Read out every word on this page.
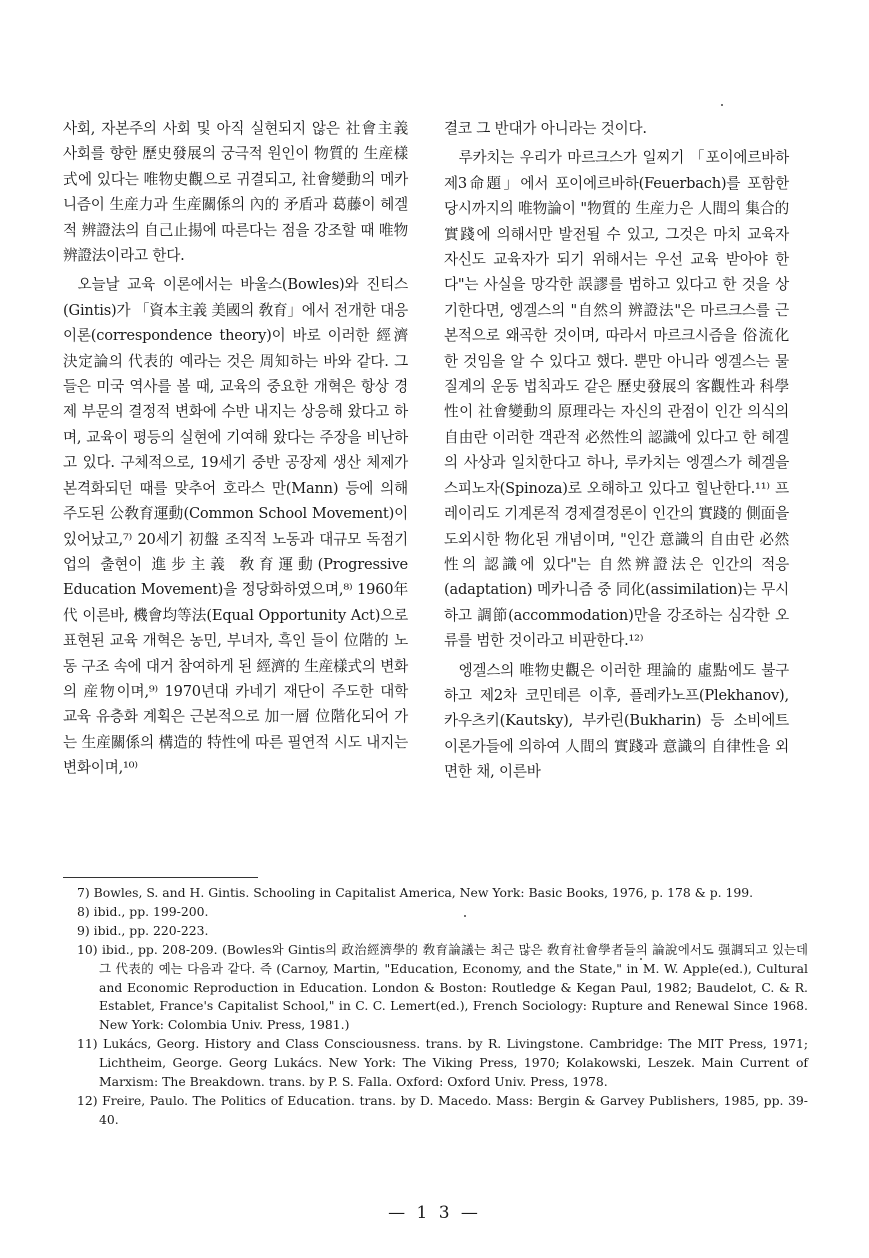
사회, 자본주의 사회 및 아직 실현되지 않은 社會主義 사회를 향한 歷史發展의 궁극적 원인이 物質的 生産樣式에 있다는 唯物史觀으로 귀결되고, 社會變動의 메카니즘이 生産力과 生産關係의 內的 矛盾과 葛藤이 헤겔적 辨證法의 自己止揚에 따른다는 점을 강조할 때 唯物辨證法이라고 한다.

오늘날 교육 이론에서는 바울스(Bowles)와 진티스(Gintis)가 「資本主義 美國의 敎育」에서 전개한 대응이론(correspondence theory)이 바로 이러한 經濟決定論의 代表的 예라는 것은 周知하는 바와 같다. 그들은 미국 역사를 볼 때, 교육의 중요한 개혁은 항상 경제 부문의 결정적 변화에 수반 내지는 상응해 왔다고 하며, 교육이 평등의 실현에 기여해 왔다는 주장을 비난하고 있다. 구체적으로, 19세기 중반 공장제 생산 체제가 본격화되던 때를 맞추어 호라스 만(Mann) 등에 의해 주도된 公敎育運動(Common School Movement)이 있어났고,⁷⁾ 20세기 初盤 조직적 노동과 대규모 독점기업의 출현이 進步主義 敎育運動(Progressive Education Movement)을 정당화하였으며,⁸⁾ 1960年代 이른바, 機會均等法(Equal Opportunity Act)으로 표현된 교육 개혁은 농민, 부녀자, 흑인 들이 位階的 노동 구조 속에 대거 참여하게 된 經濟的 生産樣式의 변화의 産物이며,⁹⁾ 1970년대 카네기 재단이 주도한 대학 교육 유층화 계획은 근본적으로 加一層 位階化되어 가는 生産關係의 構造的 特性에 따른 필연적 시도 내지는 변화이며,¹⁰⁾

결코 그 반대가 아니라는 것이다.

루카치는 우리가 마르크스가 일찌기 「포이에르바하 제3命題」에서 포이에르바하(Feuerbach)를 포함한 당시까지의 唯物論이 "物質的 生産力은 人間의 集合的 實踐에 의해서만 발전될 수 있고, 그것은 마치 교육자 자신도 교육자가 되기 위해서는 우선 교육 받아야 한다"는 사실을 망각한 誤謬를 범하고 있다고 한 것을 상기한다면, 엥겔스의 "自然의 辨證法"은 마르크스를 근본적으로 왜곡한 것이며, 따라서 마르크시즘을 俗流化한 것임을 알 수 있다고 했다. 뿐만 아니라 엥겔스는 물질계의 운동 법칙과도 같은 歷史發展의 客觀性과 科學性이 社會變動의 原理라는 자신의 관점이 인간 의식의 自由란 이러한 객관적 必然性의 認識에 있다고 한 헤겔의 사상과 일치한다고 하나, 루카치는 엥겔스가 헤겔을 스피노자(Spinoza)로 오해하고 있다고 힐난한다.¹¹⁾ 프레이리도 기계론적 경제결정론이 인간의 實踐的 側面을 도외시한 物化된 개념이며, "인간 意識의 自由란 必然性의 認識에 있다"는 自然辨證法은 인간의 적응(adaptation) 메카니즘 중 同化(assimilation)는 무시하고 調節(accommodation)만을 강조하는 심각한 오류를 범한 것이라고 비판한다.¹²⁾

엥겔스의 唯物史觀은 이러한 理論的 虛點에도 불구하고 제2차 코민테른 이후, 플레카노프(Plekhanov), 카우츠키(Kautsky), 부카린(Bukharin) 등 소비에트 이론가들에 의하여 人間의 實踐과 意識의 自律性을 외면한 채, 이른바

7) Bowles, S. and H. Gintis. Schooling in Capitalist America, New York: Basic Books, 1976, p. 178 & p. 199.

8) ibid., pp. 199-200.

9) ibid., pp. 220-223.

10) ibid., pp. 208-209. (Bowles와 Gintis의 政治經濟學的 敎育論議는 최근 많은 敎育社會學者들의 論說에서도 强調되고 있는데 그 代表的 예는 다음과 같다. 즉 (Carnoy, Martin, "Education, Economy, and the State," in M. W. Apple(ed.), Cultural and Economic Reproduction in Education. London & Boston: Routledge & Kegan Paul, 1982; Baudelot, C. & R. Establet, France's Capitalist School," in C. C. Lemert(ed.), French Sociology: Rupture and Renewal Since 1968. New York: Colombia Univ. Press, 1981.)

11) Lukács, Georg. History and Class Consciousness. trans. by R. Livingstone. Cambridge: The MIT Press, 1971; Lichtheim, George. Georg Lukács. New York: The Viking Press, 1970; Kolakowski, Leszek. Main Current of Marxism: The Breakdown. trans. by P. S. Falla. Oxford: Oxford Univ. Press, 1978.

12) Freire, Paulo. The Politics of Education. trans. by D. Macedo. Mass: Bergin & Garvey Publishers, 1985, pp. 39-40.

— 1 3 —
